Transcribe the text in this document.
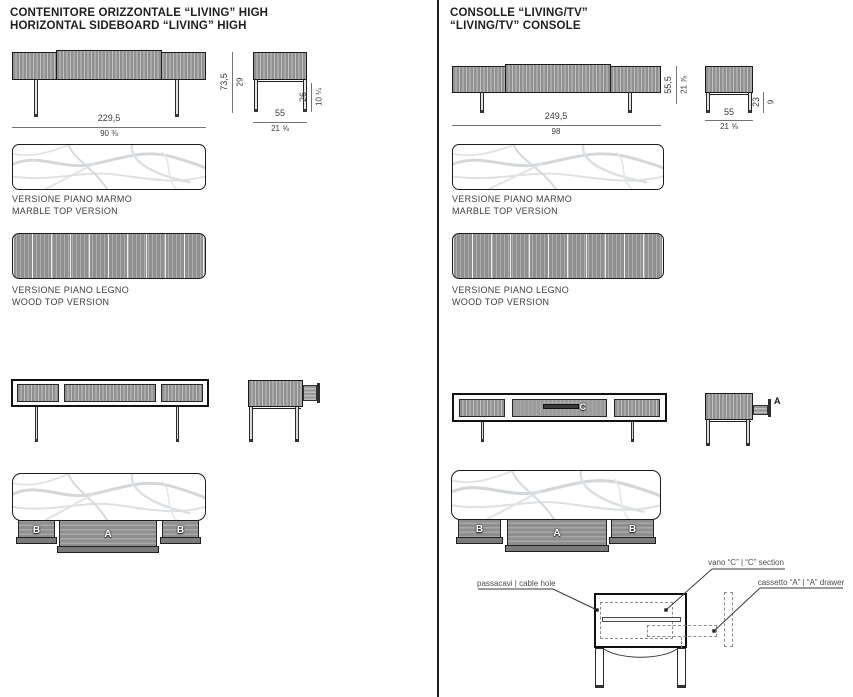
CONTENITORE ORIZZONTALE “LIVING” HIGH
HORIZONTAL SIDEBOARD “LIVING” HIGH
229,5
90 ⅜
73,5 29
55
21 ⅝
26 10 ¼
VERSIONE PIANO MARMO
MARBLE TOP VERSION
VERSIONE PIANO LEGNO
WOOD TOP VERSION
B	A	B
CONSOLLE “LIVING/TV”
“LIVING/TV” CONSOLE
249,5
98
55,5 21 ⅞
55
21 ⅝
23 9
VERSIONE PIANO MARMO
MARBLE TOP VERSION
VERSIONE PIANO LEGNO
WOOD TOP VERSION
C
A
B	A	B
vano “C” | “C” section
passacavi | cable hole	cassetto “A” | “A” drawer
